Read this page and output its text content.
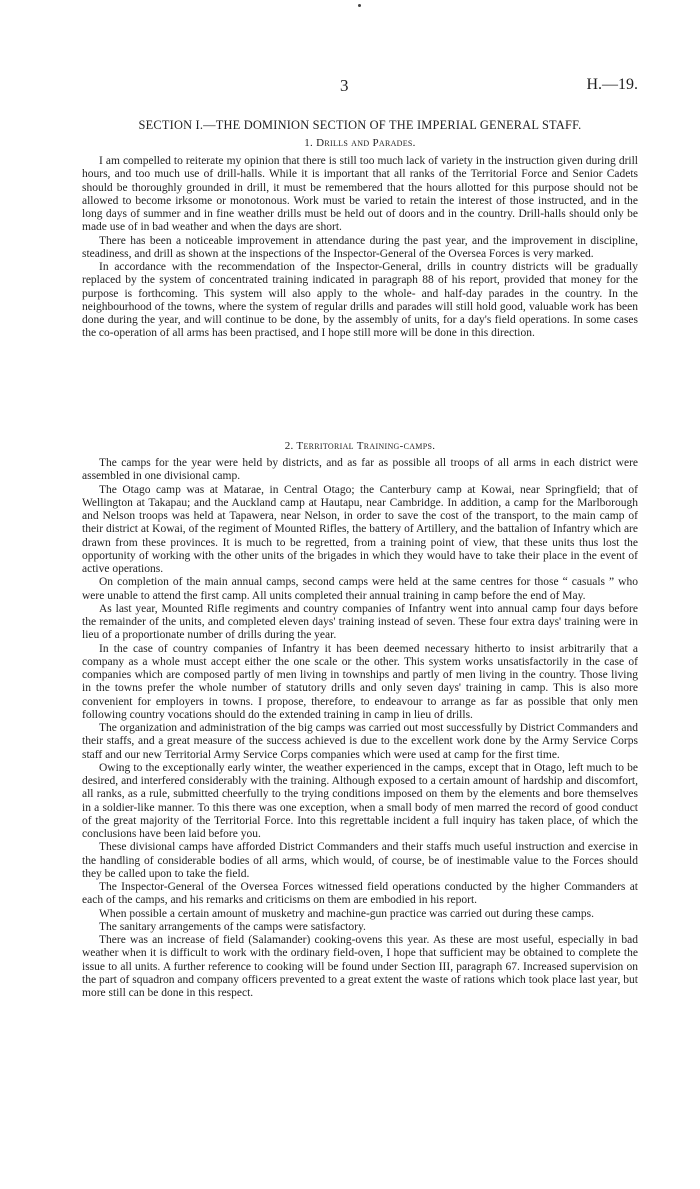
3	H.—19.
SECTION I.—THE DOMINION SECTION OF THE IMPERIAL GENERAL STAFF.
1. Drills and Parades.

I am compelled to reiterate my opinion that there is still too much lack of variety in the instruction given during drill hours, and too much use of drill-halls. While it is important that all ranks of the Territorial Force and Senior Cadets should be thoroughly grounded in drill, it must be remembered that the hours allotted for this purpose should not be allowed to become irksome or monotonous. Work must be varied to retain the interest of those instructed, and in the long days of summer and in fine weather drills must be held out of doors and in the country. Drill-halls should only be made use of in bad weather and when the days are short.

There has been a noticeable improvement in attendance during the past year, and the improvement in discipline, steadiness, and drill as shown at the inspections of the Inspector-General of the Oversea Forces is very marked.

In accordance with the recommendation of the Inspector-General, drills in country districts will be gradually replaced by the system of concentrated training indicated in paragraph 88 of his report, provided that money for the purpose is forthcoming. This system will also apply to the whole- and half-day parades in the country. In the neighbourhood of the towns, where the system of regular drills and parades will still hold good, valuable work has been done during the year, and will continue to be done, by the assembly of units, for a day's field operations. In some cases the co-operation of all arms has been practised, and I hope still more will be done in this direction.

2. Territorial Training-camps.

The camps for the year were held by districts, and as far as possible all troops of all arms in each district were assembled in one divisional camp.

The Otago camp was at Matarae, in Central Otago; the Canterbury camp at Kowai, near Springfield; that of Wellington at Takapau; and the Auckland camp at Hautapu, near Cambridge. In addition, a camp for the Marlborough and Nelson troops was held at Tapawera, near Nelson, in order to save the cost of the transport, to the main camp of their district at Kowai, of the regiment of Mounted Rifles, the battery of Artillery, and the battalion of Infantry which are drawn from these provinces. It is much to be regretted, from a training point of view, that these units thus lost the opportunity of working with the other units of the brigades in which they would have to take their place in the event of active operations.

On completion of the main annual camps, second camps were held at the same centres for those “ casuals ” who were unable to attend the first camp. All units completed their annual training in camp before the end of May.

As last year, Mounted Rifle regiments and country companies of Infantry went into annual camp four days before the remainder of the units, and completed eleven days' training instead of seven. These four extra days' training were in lieu of a proportionate number of drills during the year.

In the case of country companies of Infantry it has been deemed necessary hitherto to insist arbitrarily that a company as a whole must accept either the one scale or the other. This system works unsatisfactorily in the case of companies which are composed partly of men living in townships and partly of men living in the country. Those living in the towns prefer the whole number of statutory drills and only seven days' training in camp. This is also more convenient for employers in towns. I propose, therefore, to endeavour to arrange as far as possible that only men following country vocations should do the extended training in camp in lieu of drills.

The organization and administration of the big camps was carried out most successfully by District Commanders and their staffs, and a great measure of the success achieved is due to the excellent work done by the Army Service Corps staff and our new Territorial Army Service Corps companies which were used at camp for the first time.

Owing to the exceptionally early winter, the weather experienced in the camps, except that in Otago, left much to be desired, and interfered considerably with the training. Although exposed to a certain amount of hardship and discomfort, all ranks, as a rule, submitted cheerfully to the trying conditions imposed on them by the elements and bore themselves in a soldier-like manner. To this there was one exception, when a small body of men marred the record of good conduct of the great majority of the Territorial Force. Into this regrettable incident a full inquiry has taken place, of which the conclusions have been laid before you.

These divisional camps have afforded District Commanders and their staffs much useful instruction and exercise in the handling of considerable bodies of all arms, which would, of course, be of inestimable value to the Forces should they be called upon to take the field.

The Inspector-General of the Oversea Forces witnessed field operations conducted by the higher Commanders at each of the camps, and his remarks and criticisms on them are embodied in his report.

When possible a certain amount of musketry and machine-gun practice was carried out during these camps.

The sanitary arrangements of the camps were satisfactory.

There was an increase of field (Salamander) cooking-ovens this year. As these are most useful, especially in bad weather when it is difficult to work with the ordinary field-oven, I hope that sufficient may be obtained to complete the issue to all units. A further reference to cooking will be found under Section III, paragraph 67. Increased supervision on the part of squadron and company officers prevented to a great extent the waste of rations which took place last year, but more still can be done in this respect.
